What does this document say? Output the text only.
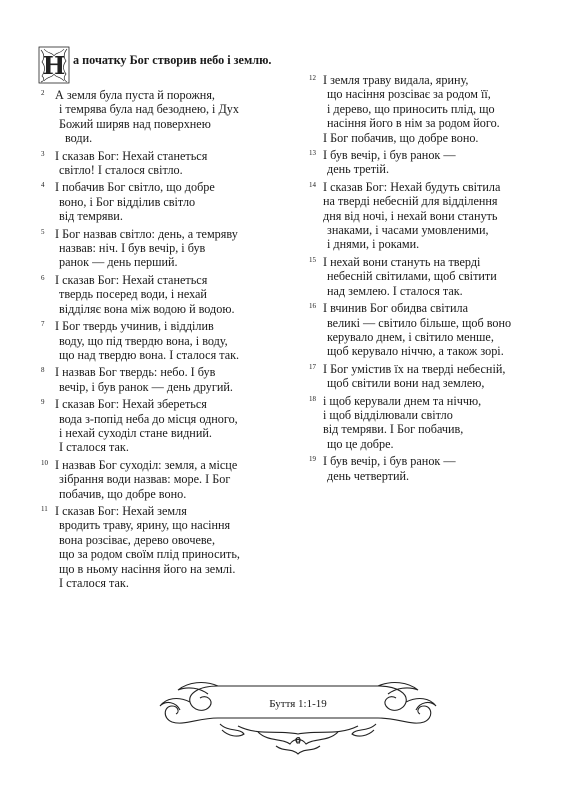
Н а початку Бог створив небо і землю.
2 А земля була пуста й порожня,
і темрява була над безоднею, і Дух
Божий ширяв над поверхнею
води.
3 І сказав Бог: Нехай станеться
світло! І сталося світло.
4 І побачив Бог світло, що добре
воно, і Бог відділив світло
від темряви.
5 І Бог назвав світло: день, а темряву
назвав: ніч. І був вечір, і був
ранок — день перший.
6 І сказав Бог: Нехай станеться
твердь посеред води, і нехай
відділяє вона між водою й водою.
7 І Бог твердь учинив, і відділив
воду, що під твердю вона, і воду,
що над твердю вона. І сталося так.
8 І назвав Бог твердь: небо. І був
вечір, і був ранок — день другий.
9 І сказав Бог: Нехай збереться
вода з-попід неба до місця одного,
і нехай суходіл стане видний.
І сталося так.
10 І назвав Бог суходіл: земля, а місце
зібрання води назвав: море. І Бог
побачив, що добре воно.
11 І сказав Бог: Нехай земля
вродить траву, ярину, що насіння
вона розсіває, дерево овочеве,
що за родом своїм плід приносить,
що в ньому насіння його на землі.
І сталося так.
12 І земля траву видала, ярину,
що насіння розсіває за родом її,
і дерево, що приносить плід, що
насіння його в нім за родом його.
І Бог побачив, що добре воно.
13 І був вечір, і був ранок —
день третій.
14 І сказав Бог: Нехай будуть світила
на тверді небесній для відділення
дня від ночі, і нехай вони стануть
знаками, і часами умовленими,
і днями, і роками.
15 І нехай вони стануть на тверді
небесній світилами, щоб світити
над землею. І сталося так.
16 І вчинив Бог обидва світила
великі — світило більше, щоб воно
керувало днем, і світило менше,
щоб керувало ніччю, а також зорі.
17 І Бог умістив їх на тверді небесній,
щоб світили вони над землею,
18 і щоб керували днем та ніччю,
і щоб відділювали світло
від темряви. І Бог побачив,
що це добре.
19 І був вечір, і був ранок —
день четвертий.
Буття 1:1-19
6
